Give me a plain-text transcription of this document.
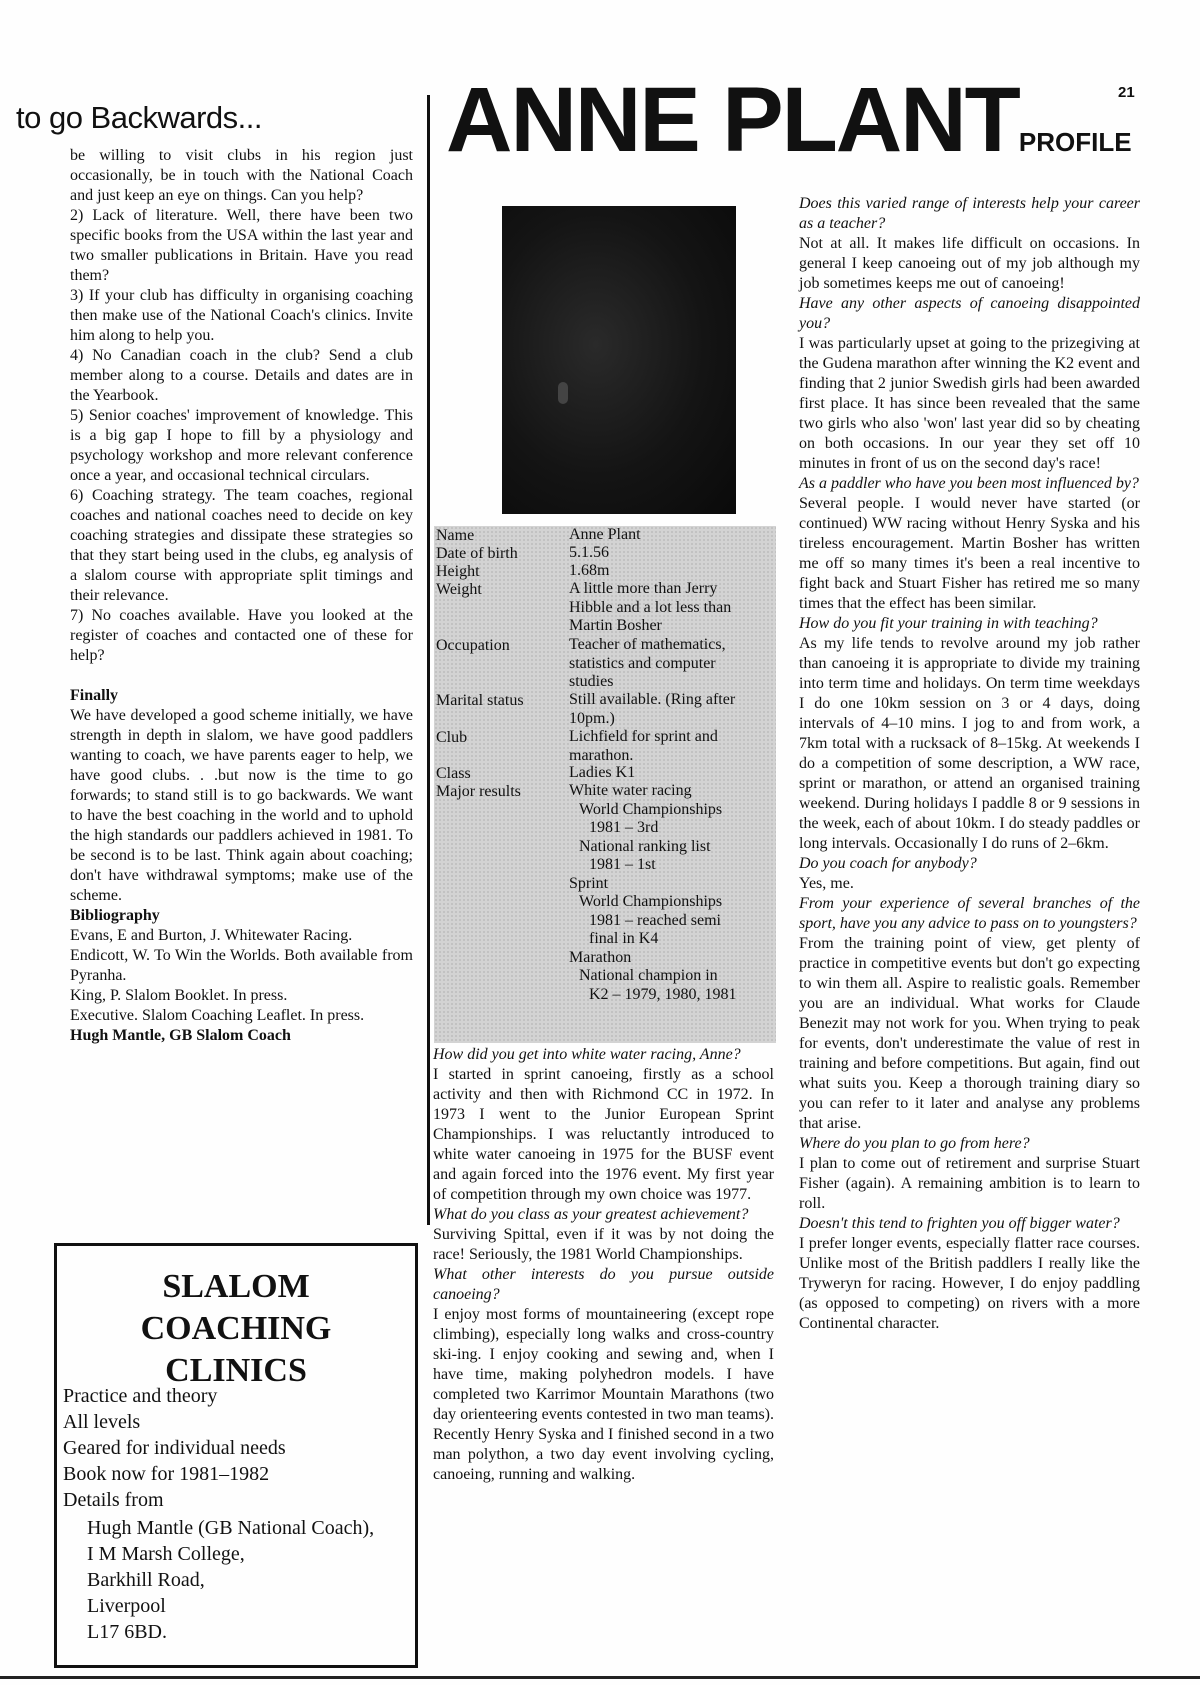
21
to go Backwards... ANNE PLANTPROFILE

be willing to visit clubs in his region just occasionally, be in touch with the National Coach and just keep an eye on things. Can you help?

2) Lack of literature. Well, there have been two specific books from the USA within the last year and two smaller publications in Britain. Have you read them?

3) If your club has difficulty in organising coaching then make use of the National Coach's clinics. Invite him along to help you.

4) No Canadian coach in the club? Send a club member along to a course. Details and dates are in the Yearbook.

5) Senior coaches' improvement of knowledge. This is a big gap I hope to fill by a physiology and psychology workshop and more relevant conference once a year, and occasional technical circulars.

6) Coaching strategy. The team coaches, regional coaches and national coaches need to decide on key coaching strategies and dissipate these strategies so that they start being used in the clubs, eg analysis of a slalom course with appropriate split timings and their relevance.

7) No coaches available. Have you looked at the register of coaches and contacted one of these for help?

Finally

We have developed a good scheme initially, we have strength in depth in slalom, we have good paddlers wanting to coach, we have parents eager to help, we have good clubs. . .but now is the time to go forwards; to stand still is to go backwards. We want to have the best coaching in the world and to uphold the high standards our paddlers achieved in 1981. To be second is to be last. Think again about coaching; don't have withdrawal symptoms; make use of the scheme.

Bibliography

Evans, E and Burton, J. Whitewater Racing.

Endicott, W. To Win the Worlds. Both available from Pyranha.

King, P. Slalom Booklet. In press.

Executive. Slalom Coaching Leaflet. In press.

Hugh Mantle, GB Slalom Coach

Name	Anne Plant
Date of birth	5.1.56
Height	1.68m
Weight	A little more than Jerry
Hibble and a lot less than
Martin Bosher
Occupation	Teacher of mathematics,
statistics and computer
studies
Marital status	Still available. (Ring after
10pm.)
Club	Lichfield for sprint and
marathon.
Class	Ladies K1
Major results	White water racing
World Championships
1981 – 3rd
National ranking list
1981 – 1st
Sprint
World Championships
1981 – reached semi
final in K4
Marathon
National champion in
K2 – 1979, 1980, 1981

How did you get into white water racing, Anne?

I started in sprint canoeing, firstly as a school activity and then with Richmond CC in 1972. In 1973 I went to the Junior European Sprint Championships. I was reluctantly introduced to white water canoeing in 1975 for the BUSF event and again forced into the 1976 event. My first year of competition through my own choice was 1977.

What do you class as your greatest achievement?

Surviving Spittal, even if it was by not doing the race! Seriously, the 1981 World Championships.

What other interests do you pursue outside canoeing?

I enjoy most forms of mountaineering (except rope climbing), especially long walks and cross-country ski-ing. I enjoy cooking and sewing and, when I have time, making polyhedron models. I have completed two Karrimor Mountain Marathons (two day orienteering events contested in two man teams). Recently Henry Syska and I finished second in a two man polython, a two day event involving cycling, canoeing, running and walking.

Does this varied range of interests help your career as a teacher?

Not at all. It makes life difficult on occasions. In general I keep canoeing out of my job although my job sometimes keeps me out of canoeing!

Have any other aspects of canoeing disappointed you?

I was particularly upset at going to the prizegiving at the Gudena marathon after winning the K2 event and finding that 2 junior Swedish girls had been awarded first place. It has since been revealed that the same two girls who also 'won' last year did so by cheating on both occasions. In our year they set off 10 minutes in front of us on the second day's race!

As a paddler who have you been most influenced by?

Several people. I would never have started (or continued) WW racing without Henry Syska and his tireless encouragement. Martin Bosher has written me off so many times it's been a real incentive to fight back and Stuart Fisher has retired me so many times that the effect has been similar.

How do you fit your training in with teaching?

As my life tends to revolve around my job rather than canoeing it is appropriate to divide my training into term time and holidays. On term time weekdays I do one 10km session on 3 or 4 days, doing intervals of 4–10 mins. I jog to and from work, a 7km total with a rucksack of 8–15kg. At weekends I do a competition of some description, a WW race, sprint or marathon, or attend an organised training weekend. During holidays I paddle 8 or 9 sessions in the week, each of about 10km. I do steady paddles or long intervals. Occasionally I do runs of 2–6km.

Do you coach for anybody?

Yes, me.

From your experience of several branches of the sport, have you any advice to pass on to youngsters?

From the training point of view, get plenty of practice in competitive events but don't go expecting to win them all. Aspire to realistic goals. Remember you are an individual. What works for Claude Benezit may not work for you. When trying to peak for events, don't underestimate the value of rest in training and before competitions. But again, find out what suits you. Keep a thorough training diary so you can refer to it later and analyse any problems that arise.

Where do you plan to go from here?

I plan to come out of retirement and surprise Stuart Fisher (again). A remaining ambition is to learn to roll.

Doesn't this tend to frighten you off bigger water?

I prefer longer events, especially flatter race courses. Unlike most of the British paddlers I really like the Tryweryn for racing. However, I do enjoy paddling (as opposed to competing) on rivers with a more Continental character.

SLALOM
COACHING
CLINICS
Practice and theory
All levels
Geared for individual needs
Book now for 1981–1982
Details from
Hugh Mantle (GB National Coach),
I M Marsh College,
Barkhill Road,
Liverpool
L17 6BD.
